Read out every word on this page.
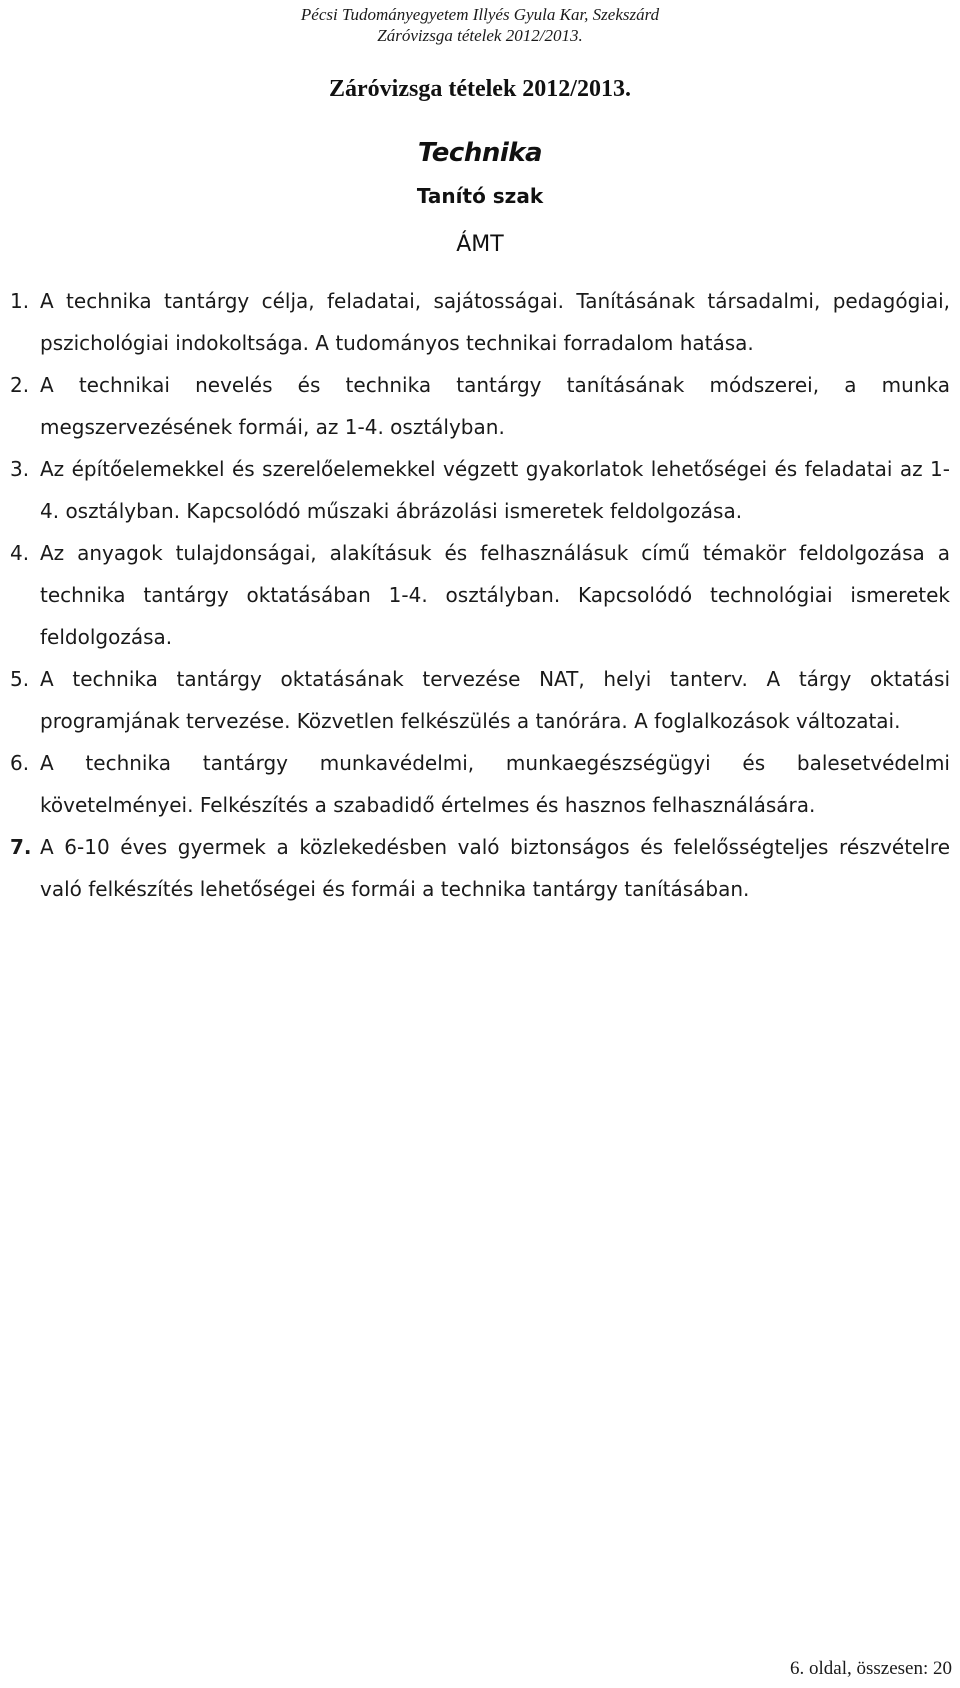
Pécsi Tudományegyetem Illyés Gyula Kar, Szekszárd
Záróvizsga tételek 2012/2013.
Záróvizsga tételek 2012/2013.
Technika
Tanító szak
ÁMT
1. A technika tantárgy célja, feladatai, sajátosságai. Tanításának társadalmi, pedagógiai, pszichológiai indokoltsága. A tudományos technikai forradalom hatása.
2. A technikai nevelés és technika tantárgy tanításának módszerei, a munka megszervezésének formái, az 1-4. osztályban.
3. Az építőelemekkel és szerelőelemekkel végzett gyakorlatok lehetőségei és feladatai az 1-4. osztályban. Kapcsolódó műszaki ábrázolási ismeretek feldolgozása.
4. Az anyagok tulajdonságai, alakításuk és felhasználásuk című témakör feldolgozása a technika tantárgy oktatásában 1-4. osztályban. Kapcsolódó technológiai ismeretek feldolgozása.
5. A technika tantárgy oktatásának tervezése NAT, helyi tanterv. A tárgy oktatási programjának tervezése. Közvetlen felkészülés a tanórára. A foglalkozások változatai.
6. A technika tantárgy munkavédelmi, munkaegészségügyi és balesetvédelmi követelményei. Felkészítés a szabadidő értelmes és hasznos felhasználására.
7. A 6-10 éves gyermek a közlekedésben való biztonságos és felelősségteljes részvételre való felkészítés lehetőségei és formái a technika tantárgy tanításában.
6. oldal, összesen: 20
